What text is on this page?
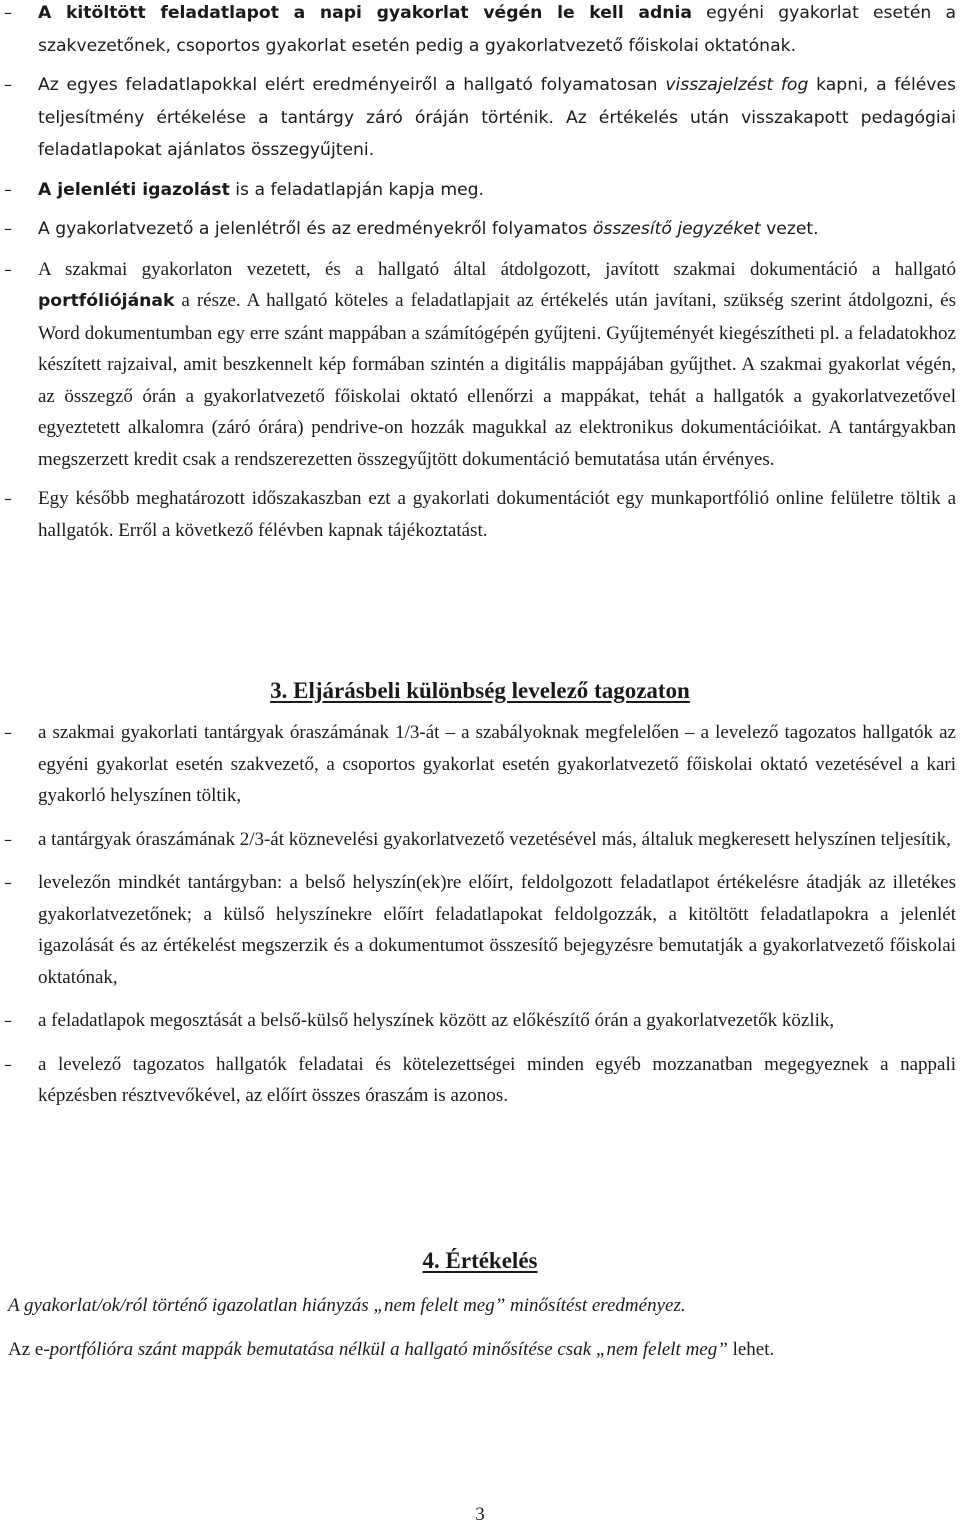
– A kitöltött feladatlapot a napi gyakorlat végén le kell adnia egyéni gyakorlat esetén a szakvezetőnek, csoportos gyakorlat esetén pedig a gyakorlatvezető főiskolai oktatónak.
– Az egyes feladatlapokkal elért eredményeiről a hallgató folyamatosan visszajelzést fog kapni, a féléves teljesítmény értékelése a tantárgy záró óráján történik. Az értékelés után visszakapott pedagógiai feladatlapokat ajánlatos összegyűjteni.
– A jelenléti igazolást is a feladatlapján kapja meg.
– A gyakorlatvezető a jelenlétről és az eredményekről folyamatos összesítő jegyzéket vezet.
– A szakmai gyakorlaton vezetett, és a hallgató által átdolgozott, javított szakmai dokumentáció a hallgató portfóliójának a része. A hallgató köteles a feladatlapjait az értékelés után javítani, szükség szerint átdolgozni, és Word dokumentumban egy erre szánt mappában a számítógépén gyűjteni. Gyűjteményét kiegészítheti pl. a feladatokhoz készített rajzaival, amit beszkennelt kép formában szintén a digitális mappájában gyűjthet. A szakmai gyakorlat végén, az összegző órán a gyakorlatvezető főiskolai oktató ellenőrzi a mappákat, tehát a hallgatók a gyakorlatvezetővel egyeztetett alkalomra (záró órára) pendrive-on hozzák magukkal az elektronikus dokumentációikat. A tantárgyakban megszerzett kredit csak a rendszerezetten összegyűjtött dokumentáció bemutatása után érvényes.
– Egy később meghatározott időszakaszban ezt a gyakorlati dokumentációt egy munkaportfólió online felületre töltik a hallgatók. Erről a következő félévben kapnak tájékoztatást.
3. Eljárásbeli különbség levelező tagozaton
– a szakmai gyakorlati tantárgyak óraszámának 1/3-át – a szabályoknak megfelelően – a levelező tagozatos hallgatók az egyéni gyakorlat esetén szakvezető, a csoportos gyakorlat esetén gyakorlatvezető főiskolai oktató vezetésével a kari gyakorló helyszínen töltik,
– a tantárgyak óraszámának 2/3-át köznevelési gyakorlatvezető vezetésével más, általuk megkeresett helyszínen teljesítik,
– levelezőn mindkét tantárgyban: a belső helyszín(ek)re előírt, feldolgozott feladatlapot értékelésre átadják az illetékes gyakorlatvezetőnek; a külső helyszínekre előírt feladatlapokat feldolgozzák, a kitöltött feladatlapokra a jelenlét igazolását és az értékelést megszerzik és a dokumentumot összesítő bejegyzésre bemutatják a gyakorlatvezető főiskolai oktatónak,
– a feladatlapok megosztását a belső-külső helyszínek között az előkészítő órán a gyakorlatvezetők közlik,
– a levelező tagozatos hallgatók feladatai és kötelezettségei minden egyéb mozzanatban megegyeznek a nappali képzésben résztvevőkével, az előírt összes óraszám is azonos.
4. Értékelés
A gyakorlat/ok/ról történő igazolatlan hiányzás „nem felelt meg” minősítést eredményez.
Az e-portfólióra szánt mappák bemutatása nélkül a hallgató minősítése csak „nem felelt meg” lehet.
3
